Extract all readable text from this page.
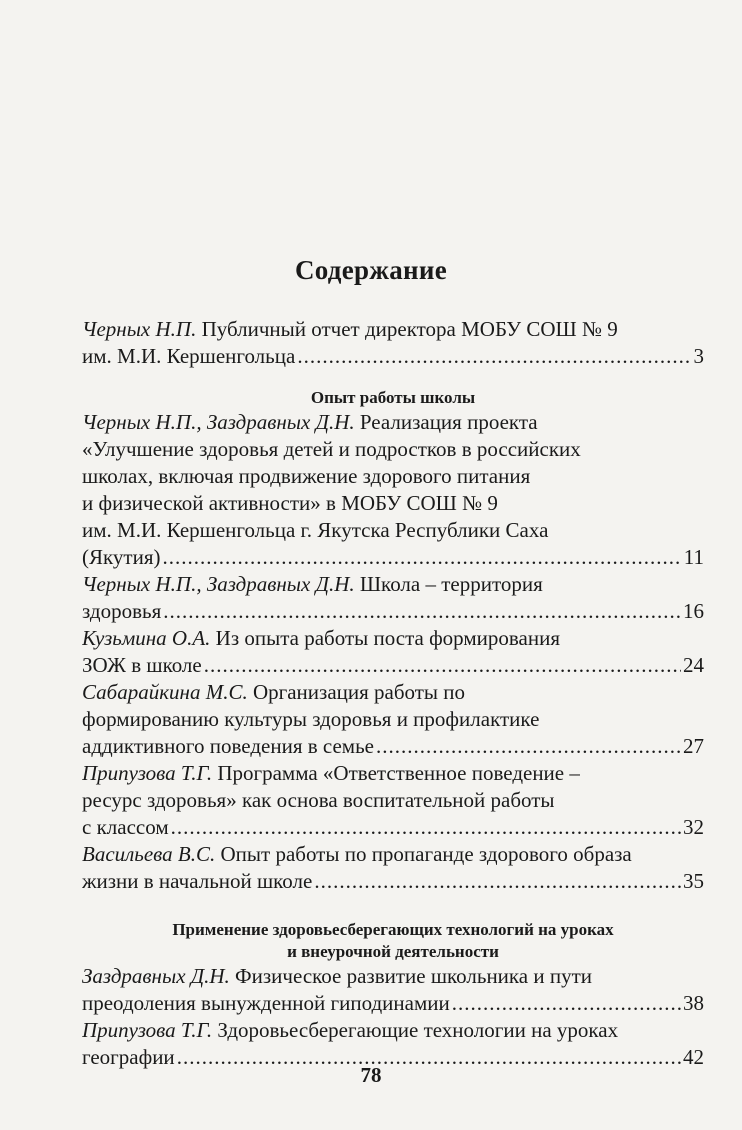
Содержание
Черных Н.П. Публичный отчет директора МОБУ СОШ № 9
им. М.И. Кершенгольца .....	3
Опыт работы школы
Черных Н.П., Заздравных Д.Н. Реализация проекта
«Улучшение здоровья детей и подростков в российских
школах, включая продвижение здорового питания
и физической активности» в МОБУ СОШ № 9
им. М.И. Кершенгольца г. Якутска Республики Саха
(Якутия) .....	11
Черных Н.П., Заздравных Д.Н. Школа – территория
здоровья .....	16
Кузьмина О.А. Из опыта работы поста формирования
ЗОЖ в школе .....	24
Сабарайкина М.С. Организация работы по
формированию культуры здоровья и профилактике
аддиктивного поведения в семье .....	27
Припузова Т.Г. Программа «Ответственное поведение –
ресурс здоровья» как основа воспитательной работы
с классом .....	32
Васильева В.С. Опыт работы по пропаганде здорового образа
жизни в начальной школе .....	35
Применение здоровьесберегающих технологий на уроках
и внеурочной деятельности
Заздравных Д.Н. Физическое развитие школьника и пути
преодоления вынужденной гиподинамии .....	38
Припузова Т.Г. Здоровьесберегающие технологии на уроках
географии .....	42
78
